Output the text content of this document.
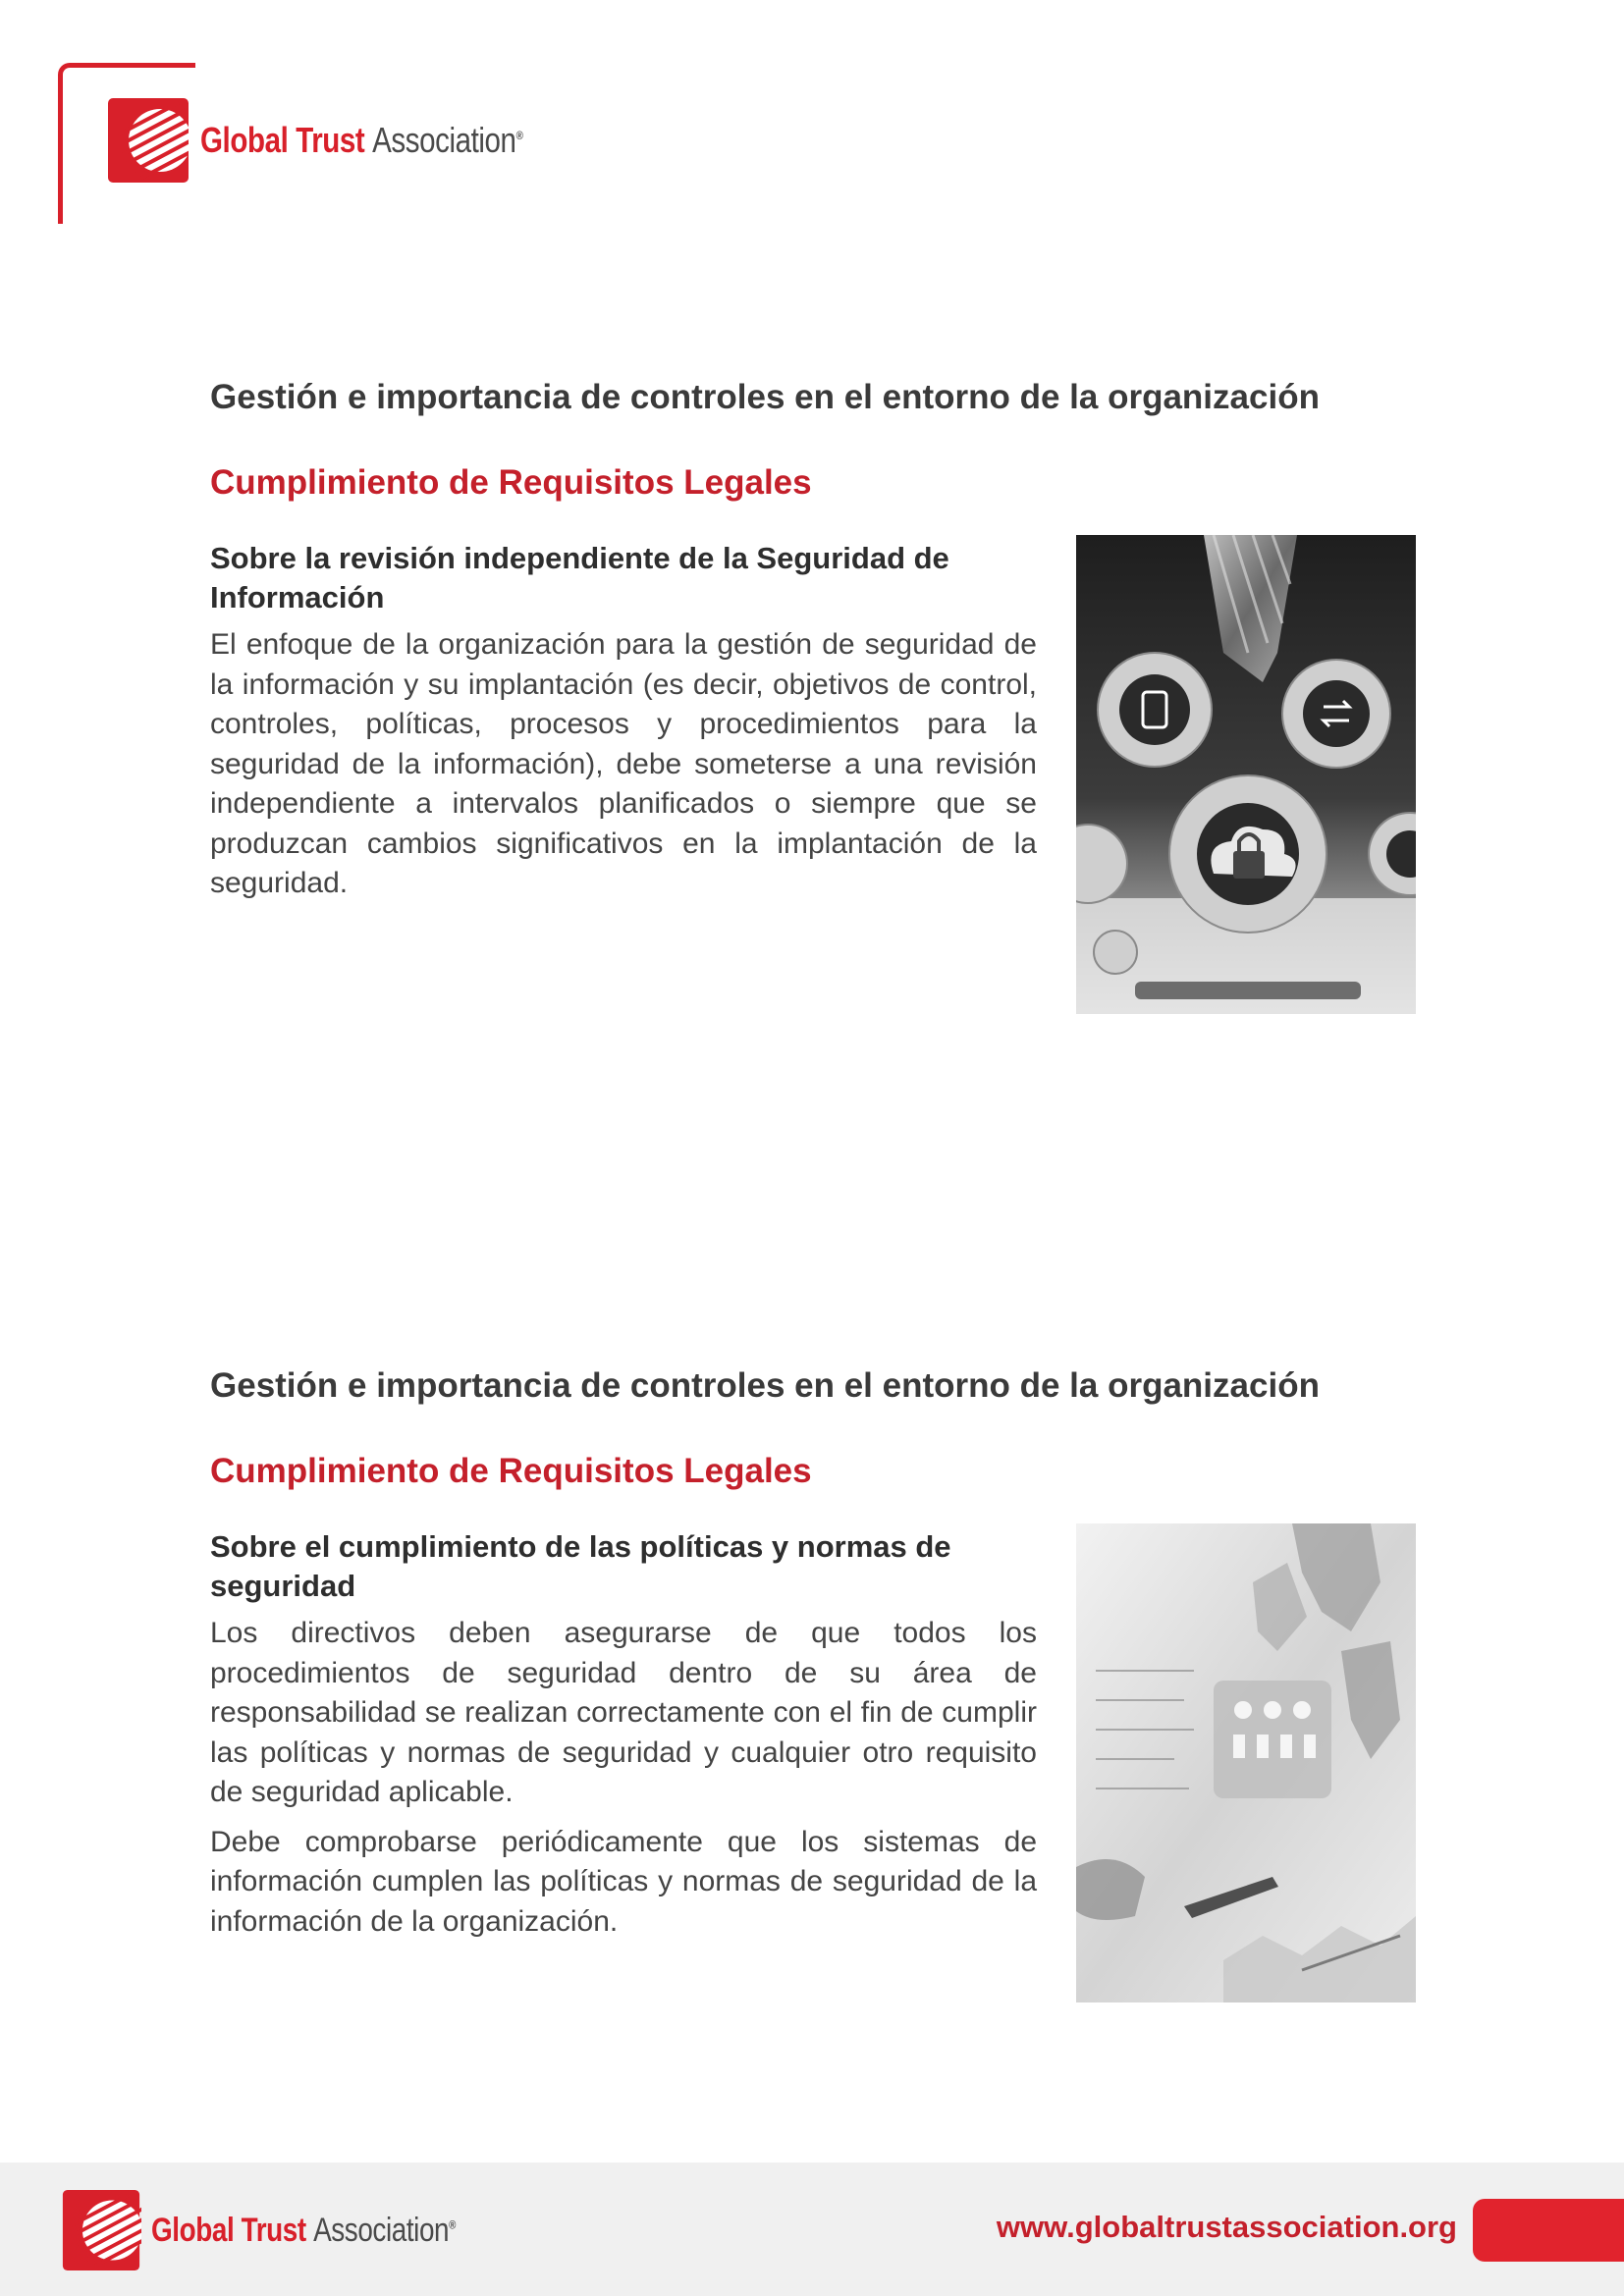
Global Trust Association®
Gestión e importancia de controles en el entorno de la organización
Cumplimiento de Requisitos Legales

Sobre la revisión independiente de la Seguridad de Información

El enfoque de la organización para la gestión de seguridad de la información y su implantación (es decir, objetivos de control, controles, políticas, procesos y procedimientos para la seguridad de la información), debe someterse a una revisión independiente a intervalos planificados o siempre que se produzcan cambios significativos en la implantación de la seguridad.

Gestión e importancia de controles en el entorno de la organización
Cumplimiento de Requisitos Legales

Sobre el cumplimiento de las políticas y normas de seguridad

Los directivos deben asegurarse de que todos los procedimientos de seguridad dentro de su área de responsabilidad se realizan correctamente con el fin de cumplir las políticas y normas de seguridad y cualquier otro requisito de seguridad aplicable.

Debe comprobarse periódicamente que los sistemas de información cumplen las políticas y normas de seguridad de la información de la organización.

Global Trust Association®	www.globaltrustassociation.org
